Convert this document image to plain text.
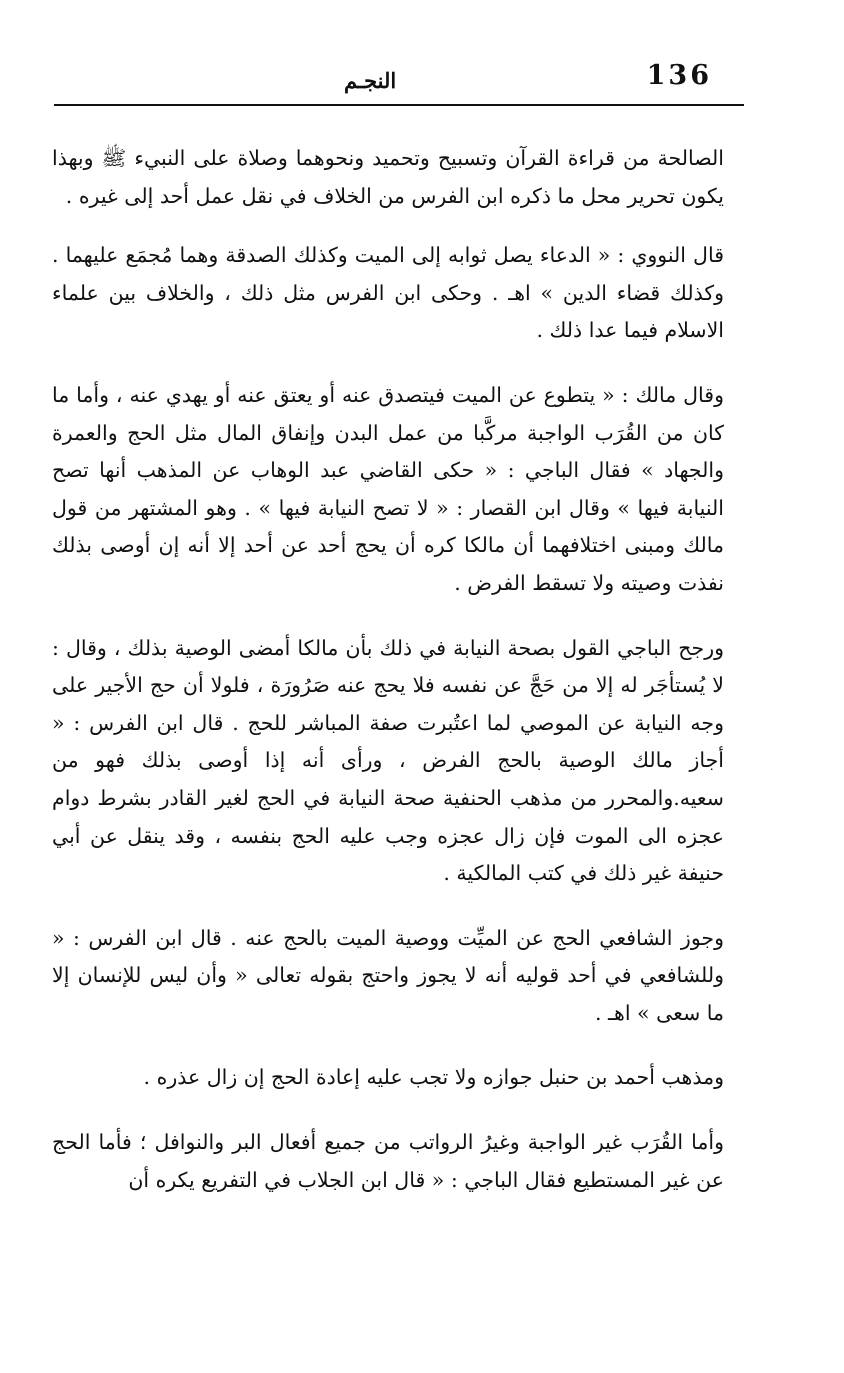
136
النجـم

الصالحة من قراءة القرآن وتسبيح وتحميد ونحوهما وصلاة على النبيء ﷺ وبهذا يكون تحرير محل ما ذكره ابن الفرس من الخلاف في نقل عمل أحد إلى غيره .

قال النووي : « الدعاء يصل ثوابه إلى الميت وكذلك الصدقة وهما مُجمَع عليهما . وكذلك قضاء الدين » اهـ . وحكى ابن الفرس مثل ذلك ، والخلاف بين علماء الاسلام فيما عدا ذلك .

وقال مالك : « يتطوع عن الميت فيتصدق عنه أو يعتق عنه أو يهدي عنه ، وأما ما كان من القُرَب الواجبة مركَّبا من عمل البدن وإنفاق المال مثل الحج والعمرة والجهاد » فقال الباجي : « حكى القاضي عبد الوهاب عن المذهب أنها تصح النيابة فيها » وقال ابن القصار : « لا تصح النيابة فيها » . وهو المشتهر من قول مالك ومبنى اختلافهما أن مالكا كره أن يحج أحد عن أحد إلا أنه إن أوصى بذلك نفذت وصيته ولا تسقط الفرض .

ورجح الباجي القول بصحة النيابة في ذلك بأن مالكا أمضى الوصية بذلك ، وقال : لا يُستأجَر له إلا من حَجَّ عن نفسه فلا يحج عنه صَرُورَة ، فلولا أن حج الأجير على وجه النيابة عن الموصي لما اعتُبرت صفة المباشر للحج . قال ابن الفرس : « أجاز مالك الوصية بالحج الفرض ، ورأى أنه إذا أوصى بذلك فهو من سعيه.والمحرر من مذهب الحنفية صحة النيابة في الحج لغير القادر بشرط دوام عجزه الى الموت فإن زال عجزه وجب عليه الحج بنفسه ، وقد ينقل عن أبي حنيفة غير ذلك في كتب المالكية .

وجوز الشافعي الحج عن الميِّت ووصية الميت بالحج عنه . قال ابن الفرس : « وللشافعي في أحد قوليه أنه لا يجوز واحتج بقوله تعالى « وأن ليس للإنسان إلا ما سعى » اهـ .

ومذهب أحمد بن حنبل جوازه ولا تجب عليه إعادة الحج إن زال عذره .

وأما القُرَب غير الواجبة وغيرُ الرواتب من جميع أفعال البر والنوافل ؛ فأما الحج عن غير المستطيع فقال الباجي : « قال ابن الجلاب في التفريع يكره أن
